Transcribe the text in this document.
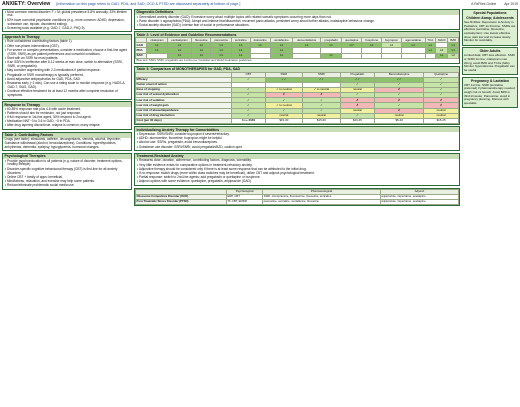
ANXIETY: Overview [Information on this page refers to GAD, PDA, and SAD; OCD & PTSD are discussed separately at bottom of page.]	A RxFiles Online Apr 2019
• Most common mental disorder; F > M; global prevalence 5-8% annually; 33% lifetime risk.
• 50% have comorbid psychiatric conditions (e.g., more common: ADHD, depression, substance use, bipolar, disordered eating).
• Screening tools available (e.g. GAD-7, GAD-2, PHQ-9).
Approach to Therapy
• Rule out/address contributing factors (table 1).
• Offer non-pharm interventions (CBT).
• For severe or complex presentations, consider a medication; choose a first-line agent (SSRI, SNRI) as per patient preferences and comorbid conditions.
• Start with an SSRI for most patients.
• If an SSRI is ineffective after 8-12 weeks at max dose, switch to alternative (SSRI, SNRI, or pregabalin).
• May consider augmenting with 2-3 medications if partial response.
• Pregabalin or SSRI monotherapy is typically preferred.
• Avoid adjunctive antipsychotics for GAD, PDA, SAD.
• Reassess early (~2 wks). Can use a rating scale to monitor response (e.g. HADS-A, GAD-7, SIAS, GAD).
• Continue effective treatment for at least 12 months after complete resolution of symptoms.
Response to Therapy
• 60-85% response rate plus 4-6 with acute treatment.
• Patients should aim for remission, not just response.
• If full response to 1st-line agent, 50% respond to 2nd agent.
• Medication NNT~3 to 3.6 in GAD, ~5 in PDA.
• After drug tapering discontinue, relapse is common; many relapse.
Table 1: Contributing Factors
Drugs (see table): stimulants, caffeine, decongestants, steroids, alcohol, thyroxine; Substance withdrawal (alcohol, benzodiazepines); Conditions: hyperthyroidism, arrhythmias, dementia, epilepsy, hypoglycemia, hormonal changes.
Psychological Therapies
• Provide psychoeducation to all patients (e.g. nature of disorder, treatment options, healthy lifestyle).
• Disorder-specific cognitive behavioural therapy (CBT) is first-line for all anxiety disorders.
• Online CBT + family of apps: beneficial.
• Mindfulness, relaxation, and exercise may help some patients.
• Reduce/eliminate problematic social media use.
Diagnostic Definitions
• Generalized anxiety disorder (GAD): Excessive worry about multiple topics with related somatic symptoms occurring more days than not.
• Panic disorder ± agoraphobia (PDA): Abrupt and intense fear/discomfort, recurrent panic attacks, persistent worry about further attacks, maladaptive behaviour change.
• Social anxiety disorder (SAD): Intense fear of social or performance situations.
Table 2: Level of Evidence and Guideline Recommendations
	citalopram	escitalopram	fluoxetine	paroxetine	sertraline	duloxetine	venlafaxine	desvenlafaxine	pregabalin	quetiapine	buspirone	bupropion	agomelatine	TCA	MAOI	BZD
GAD	L1	L1	L1	L1	L1	L1	L1	L1	L1	L1*	L1	L2	L1	L1		L1
PDA	L1	L1	L1	L1	L1		L1							L1	L2	L1
SAD		L1	L1	L1	L1		L1		L1						L1	L2
Blue text: SSRI, SNRI, pregabalin are 1st line per Canadian and World Federation guidelines.
Table 3: Comparison of MONOTHERAPIES for GAD, PDA, SAD
	CBT	SSRI	SNRI	Pregabalin	Benzodiazepine	Quetiapine
Efficacy	✓	✓✓	✓✓	✓✓	✓✓	✓
Faster onset of action				✓	✓	✓
Ease of stopping	✓	✓ to neutral	✓ to neutral	neutral	✗	✓
Low risk of sexual dysfunction	✓	✗	✗	✓	✓	✓
Low risk of sedation	✓	✓	✓	✗	✗	✗
Low risk of weight gain	✓	✓ to neutral	✓	✗	✓	✗
Low risk of abuse/dependence	✓	✓	✓	neutral	✗	neutral
Low risk of drug interaction	✓	neutral	neutral	✓	neutral	neutral
Cost (per 30 days)	Free-$$$$	$15-30	$15-60	$20-45	$5-20	$15-25
Individualizing Anxiety Therapy for Comorbidities
• Depression: SSRI/SNRI; consider bupropion if severe/refractory.
• ADHD: atomoxetine, fluoxetine; bupropion might be helpful.
• Alcohol use: SSRIs, pregabalin; avoid benzodiazepines.
• Substance use disorder: SSRI/SNRI; avoid pregabalin/BZD, caution quet.
Treatment-Resistant Anxiety
• Reassess dose, duration, adherence, contributing factors, diagnosis, tolerability.
• Very little evidence exists for comparative options in treatment-refractory anxiety.
• Adjunctive therapy should be considered only if there is at least some response that can be attributed to the initial drug.
• If no response: switch drugs (more within class switches may be beneficial), utilize CBT and adjunct psychological treatment.
• Partial response: switch to 2nd-line agents; add pregabalin or quetiapine or buspirone.
• Adjunct options with some evidence: quetiapine, pregabalin, aripiprazole (GAD).
	Psychological	Pharmacological	Adjunct
Obsessive Compulsive Disorder (OCD)	ERP, CBT	SSRI, clomipramine, fluvoxamine, fluoxetine, sertraline	aripiprazole, risperidone, quetiapine
Post-Traumatic Stress Disorder (PTSD)	TF-CBT, EMDR	paroxetine, sertraline, venlafaxine, fluoxetine	aripiprazole, risperidone, quetiapine
Special Populations
Children &amp; Adolescents

See RxFiles: Depression & Anxiety in Pediatrics. CBT as first-line. SSRIs are effective (sertraline, fluoxetine, escitalopram). Use lowest effective dose; start low and increase slowly. Monitor for suicidality.

Older Adults

Limited data; CBT less effective. SSRI or SNRI 1st line; citalopram max 20mg; avoid BZD and TCAs (falls). Monitor hyponatremia. Pregabalin can be useful.

Pregnancy & Lactation

CBT 1st line. SSRI (sertraline preferred) if pharmacotherapy needed; weigh risk vs benefit. Avoid BZD in third trimester. Paroxetine: avoid in pregnancy planning. Discuss with specialist.
